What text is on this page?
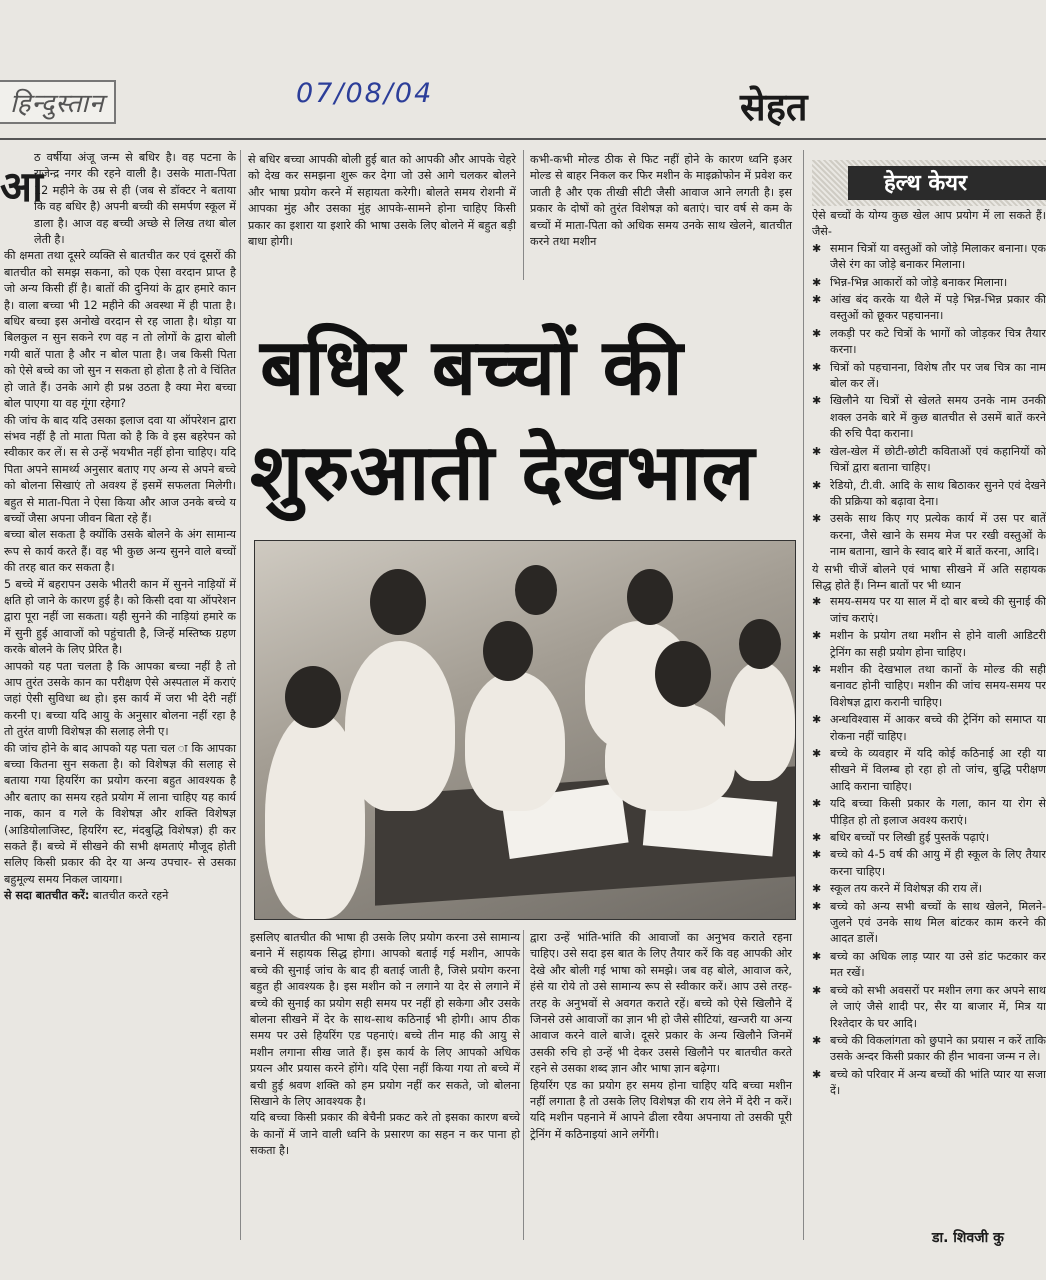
हिन्दुस्तान	07/08/04	सेहत
आ

ठ वर्षीया अंजू जन्म से बधिर है। वह पटना के राजेन्द्र नगर की रहने वाली है। उसके माता-पिता 12 महीने के उम्र से ही (जब से डॉक्टर ने बताया कि वह बधिर है) अपनी बच्ची की समर्पण स्कूल में डाला है। आज वह बच्ची अच्छे से लिख तथा बोल लेती है।

की क्षमता तथा दूसरे व्यक्ति से बातचीत कर एवं दूसरों की बातचीत को समझ सकना, को एक ऐसा वरदान प्राप्त है जो अन्य किसी हीं है। बातों की दुनियां के द्वार हमारे कान है। वाला बच्चा भी 12 महीने की अवस्था में ही पाता है। बधिर बच्चा इस अनोखे वरदान से रह जाता है। थोड़ा या बिलकुल न सुन सकने रण वह न तो लोगों के द्वारा बोली गयी बातें पाता है और न बोल पाता है। जब किसी पिता को ऐसे बच्चे का जो सुन न सकता हो होता है तो वे चिंतित हो जाते हैं। उनके आगे ही प्रश्न उठता है क्या मेरा बच्चा बोल पाएगा या वह गूंगा रहेगा?

की जांच के बाद यदि उसका इलाज दवा या ऑपरेशन द्वारा संभव नहीं है तो माता पिता को है कि वे इस बहरेपन को स्वीकार कर लें। स से उन्हें भयभीत नहीं होना चाहिए। यदि पिता अपने सामर्थ्य अनुसार बताए गए अन्य से अपने बच्चे को बोलना सिखाएं तो अवश्य हें इसमें सफलता मिलेगी। बहुत से माता-पिता ने ऐसा किया और आज उनके बच्चे य बच्चों जैसा अपना जीवन बिता रहे हैं।

बच्चा बोल सकता है क्योंकि उसके बोलने के अंग सामान्य रूप से कार्य करते हैं। वह भी कुछ अन्य सुनने वाले बच्चों की तरह बात कर सकता है।

5 बच्चे में बहरापन उसके भीतरी कान में सुनने नाड़ियों में क्षति हो जाने के कारण हुई है। को किसी दवा या ऑपरेशन द्वारा पूरा नहीं जा सकता। यही सुनने की नाड़ियां हमारे क में सुनी हुई आवाजों को पहुंचाती है, जिन्हें मस्तिष्क ग्रहण करके बोलने के लिए प्रेरित है।

आपको यह पता चलता है कि आपका बच्चा नहीं है तो आप तुरंत उसके कान का परीक्षण ऐसे अस्पताल में कराएं जहां ऐसी सुविधा ब्ध हो। इस कार्य में जरा भी देरी नहीं करनी ए। बच्चा यदि आयु के अनुसार बोलना नहीं रहा है तो तुरंत वाणी विशेषज्ञ की सलाह लेनी ए।

की जांच होने के बाद आपको यह पता चल ा कि आपका बच्चा कितना सुन सकता है। को विशेषज्ञ की सलाह से बताया गया हियरिंग का प्रयोग करना बहुत आवश्यक है और बताए का समय रहते प्रयोग में लाना चाहिए यह कार्य नाक, कान व गले के विशेषज्ञ और शक्ति विशेषज्ञ (आडियोलाजिस्ट, हियरिंग स्ट, मंदबुद्धि विशेषज्ञ) ही कर सकते हैं। बच्चे में सीखने की सभी क्षमताएं मौजूद होती सलिए किसी प्रकार की देर या अन्य उपचार- से उसका बहुमूल्य समय निकल जायगा।

से सदा बातचीत करें: बातचीत करते रहने

से बधिर बच्चा आपकी बोली हुई बात को आपकी और आपके चेहरे को देख कर समझना शुरू कर देगा जो उसे आगे चलकर बोलने और भाषा प्रयोग करने में सहायता करेगी। बोलते समय रोशनी में आपका मुंह और उसका मुंह आपके-सामने होना चाहिए किसी प्रकार का इशारा या इशारे की भाषा उसके लिए बोलने में बहुत बड़ी बाधा होगी।

कभी-कभी मोल्ड ठीक से फिट नहीं होने के कारण ध्वनि इअर मोल्ड से बाहर निकल कर फिर मशीन के माइक्रोफोन में प्रवेश कर जाती है और एक तीखी सीटी जैसी आवाज आने लगती है। इस प्रकार के दोषों को तुरंत विशेषज्ञ को बताएं। चार वर्ष से कम के बच्चों में माता-पिता को अधिक समय उनके साथ खेलने, बातचीत करने तथा मशीन

बधिर बच्चों की
शुरुआती देखभाल

इसलिए बातचीत की भाषा ही उसके लिए प्रयोग करना उसे सामान्य बनाने में सहायक सिद्ध होगा। आपको बताई गई मशीन, आपके बच्चे की सुनाई जांच के बाद ही बताई जाती है, जिसे प्रयोग करना बहुत ही आवश्यक है। इस मशीन को न लगाने या देर से लगाने में बच्चे की सुनाई का प्रयोग सही समय पर नहीं हो सकेगा और उसके बोलना सीखने में देर के साथ-साथ कठिनाई भी होगी। आप ठीक समय पर उसे हियरिंग एड पहनाएं। बच्चे तीन माह की आयु से मशीन लगाना सीख जाते हैं। इस कार्य के लिए आपको अधिक प्रयत्न और प्रयास करने होंगे। यदि ऐसा नहीं किया गया तो बच्चे में बची हुई श्रवण शक्ति को हम प्रयोग नहीं कर सकते, जो बोलना सिखाने के लिए आवश्यक है।

यदि बच्चा किसी प्रकार की बेचैनी प्रकट करे तो इसका कारण बच्चे के कानों में जाने वाली ध्वनि के प्रसारण का सहन न कर पाना हो सकता है।

द्वारा उन्हें भांति-भांति की आवाजों का अनुभव कराते रहना चाहिए। उसे सदा इस बात के लिए तैयार करें कि वह आपकी ओर देखे और बोली गई भाषा को समझे। जब वह बोले, आवाज करे, हंसे या रोये तो उसे सामान्य रूप से स्वीकार करें। आप उसे तरह-तरह के अनुभवों से अवगत कराते रहें। बच्चे को ऐसे खिलौने दें जिनसे उसे आवाजों का ज्ञान भी हो जैसे सीटियां, खन्जरी या अन्य आवाज करने वाले बाजे। दूसरे प्रकार के अन्य खिलौने जिनमें उसकी रुचि हो उन्हें भी देकर उससे खिलौने पर बातचीत करते रहने से उसका शब्द ज्ञान और भाषा ज्ञान बढ़ेगा।

हियरिंग एड का प्रयोग हर समय होना चाहिए यदि बच्चा मशीन नहीं लगाता है तो उसके लिए विशेषज्ञ की राय लेने में देरी न करें। यदि मशीन पहनाने में आपने ढीला रवैया अपनाया तो उसकी पूरी ट्रेनिंग में कठिनाइयां आने लगेंगी।

हेल्थ केयर

ऐसे बच्चों के योग्य कुछ खेल आप प्रयोग में ला सकते हैं। जैसे-

✱ समान चित्रों या वस्तुओं को जोड़े मिलाकर बनाना। एक जैसे रंग का जोड़े बनाकर मिलाना।
✱ भिन्न-भिन्न आकारों को जोड़े बनाकर मिलाना।
✱ आंख बंद करके या थैले में पड़े भिन्न-भिन्न प्रकार की वस्तुओं को छूकर पहचानना।
✱ लकड़ी पर कटे चित्रों के भागों को जोड़कर चित्र तैयार करना।
✱ चित्रों को पहचानना, विशेष तौर पर जब चित्र का नाम बोल कर लें।
✱ खिलौने या चित्रों से खेलते समय उनके नाम उनकी शक्ल उनके बारे में कुछ बातचीत से उसमें बातें करने की रुचि पैदा कराना।
✱ खेल-खेल में छोटी-छोटी कविताओं एवं कहानियों को चित्रों द्वारा बताना चाहिए।
✱ रेडियो, टी.वी. आदि के साथ बिठाकर सुनने एवं देखने की प्रक्रिया को बढ़ावा देना।
✱ उसके साथ किए गए प्रत्येक कार्य में उस पर बातें करना, जैसे खाने के समय मेज पर रखी वस्तुओं के नाम बताना, खाने के स्वाद बारे में बातें करना, आदि।

ये सभी चीजें बोलने एवं भाषा सीखने में अति सहायक सिद्ध होते हैं। निम्न बातों पर भी ध्यान

✱ समय-समय पर या साल में दो बार बच्चे की सुनाई की जांच कराएं।
✱ मशीन के प्रयोग तथा मशीन से होने वाली आडिटरी ट्रेनिंग का सही प्रयोग होना चाहिए।
✱ मशीन की देखभाल तथा कानों के मोल्ड की सही बनावट होनी चाहिए। मशीन की जांच समय-समय पर विशेषज्ञ द्वारा करानी चाहिए।
✱ अन्धविश्वास में आकर बच्चे की ट्रेनिंग को समाप्त या रोकना नहीं चाहिए।
✱ बच्चे के व्यवहार में यदि कोई कठिनाई आ रही या सीखने में विलम्ब हो रहा हो तो जांच, बुद्धि परीक्षण आदि कराना चाहिए।
✱ यदि बच्चा किसी प्रकार के गला, कान या रोग से पीड़ित हो तो इलाज अवश्य कराएं।
✱ बधिर बच्चों पर लिखी हुई पुस्तकें पढ़ाएं।
✱ बच्चे को 4-5 वर्ष की आयु में ही स्कूल के लिए तैयार करना चाहिए।
✱ स्कूल तय करने में विशेषज्ञ की राय लें।
✱ बच्चे को अन्य सभी बच्चों के साथ खेलने, मिलने-जुलने एवं उनके साथ मिल बांटकर काम करने की आदत डालें।
✱ बच्चे का अधिक लाड़ प्यार या उसे डांट फटकार कर मत रखें।
✱ बच्चे को सभी अवसरों पर मशीन लगा कर अपने साथ ले जाएं जैसे शादी पर, सैर या बाजार में, मित्र या रिश्तेदार के घर आदि।
✱ बच्चे की विकलांगता को छुपाने का प्रयास न करें ताकि उसके अन्दर किसी प्रकार की हीन भावना जन्म न ले।
✱ बच्चे को परिवार में अन्य बच्चों की भांति प्यार या सजा दें।
डा. शिवजी कु
